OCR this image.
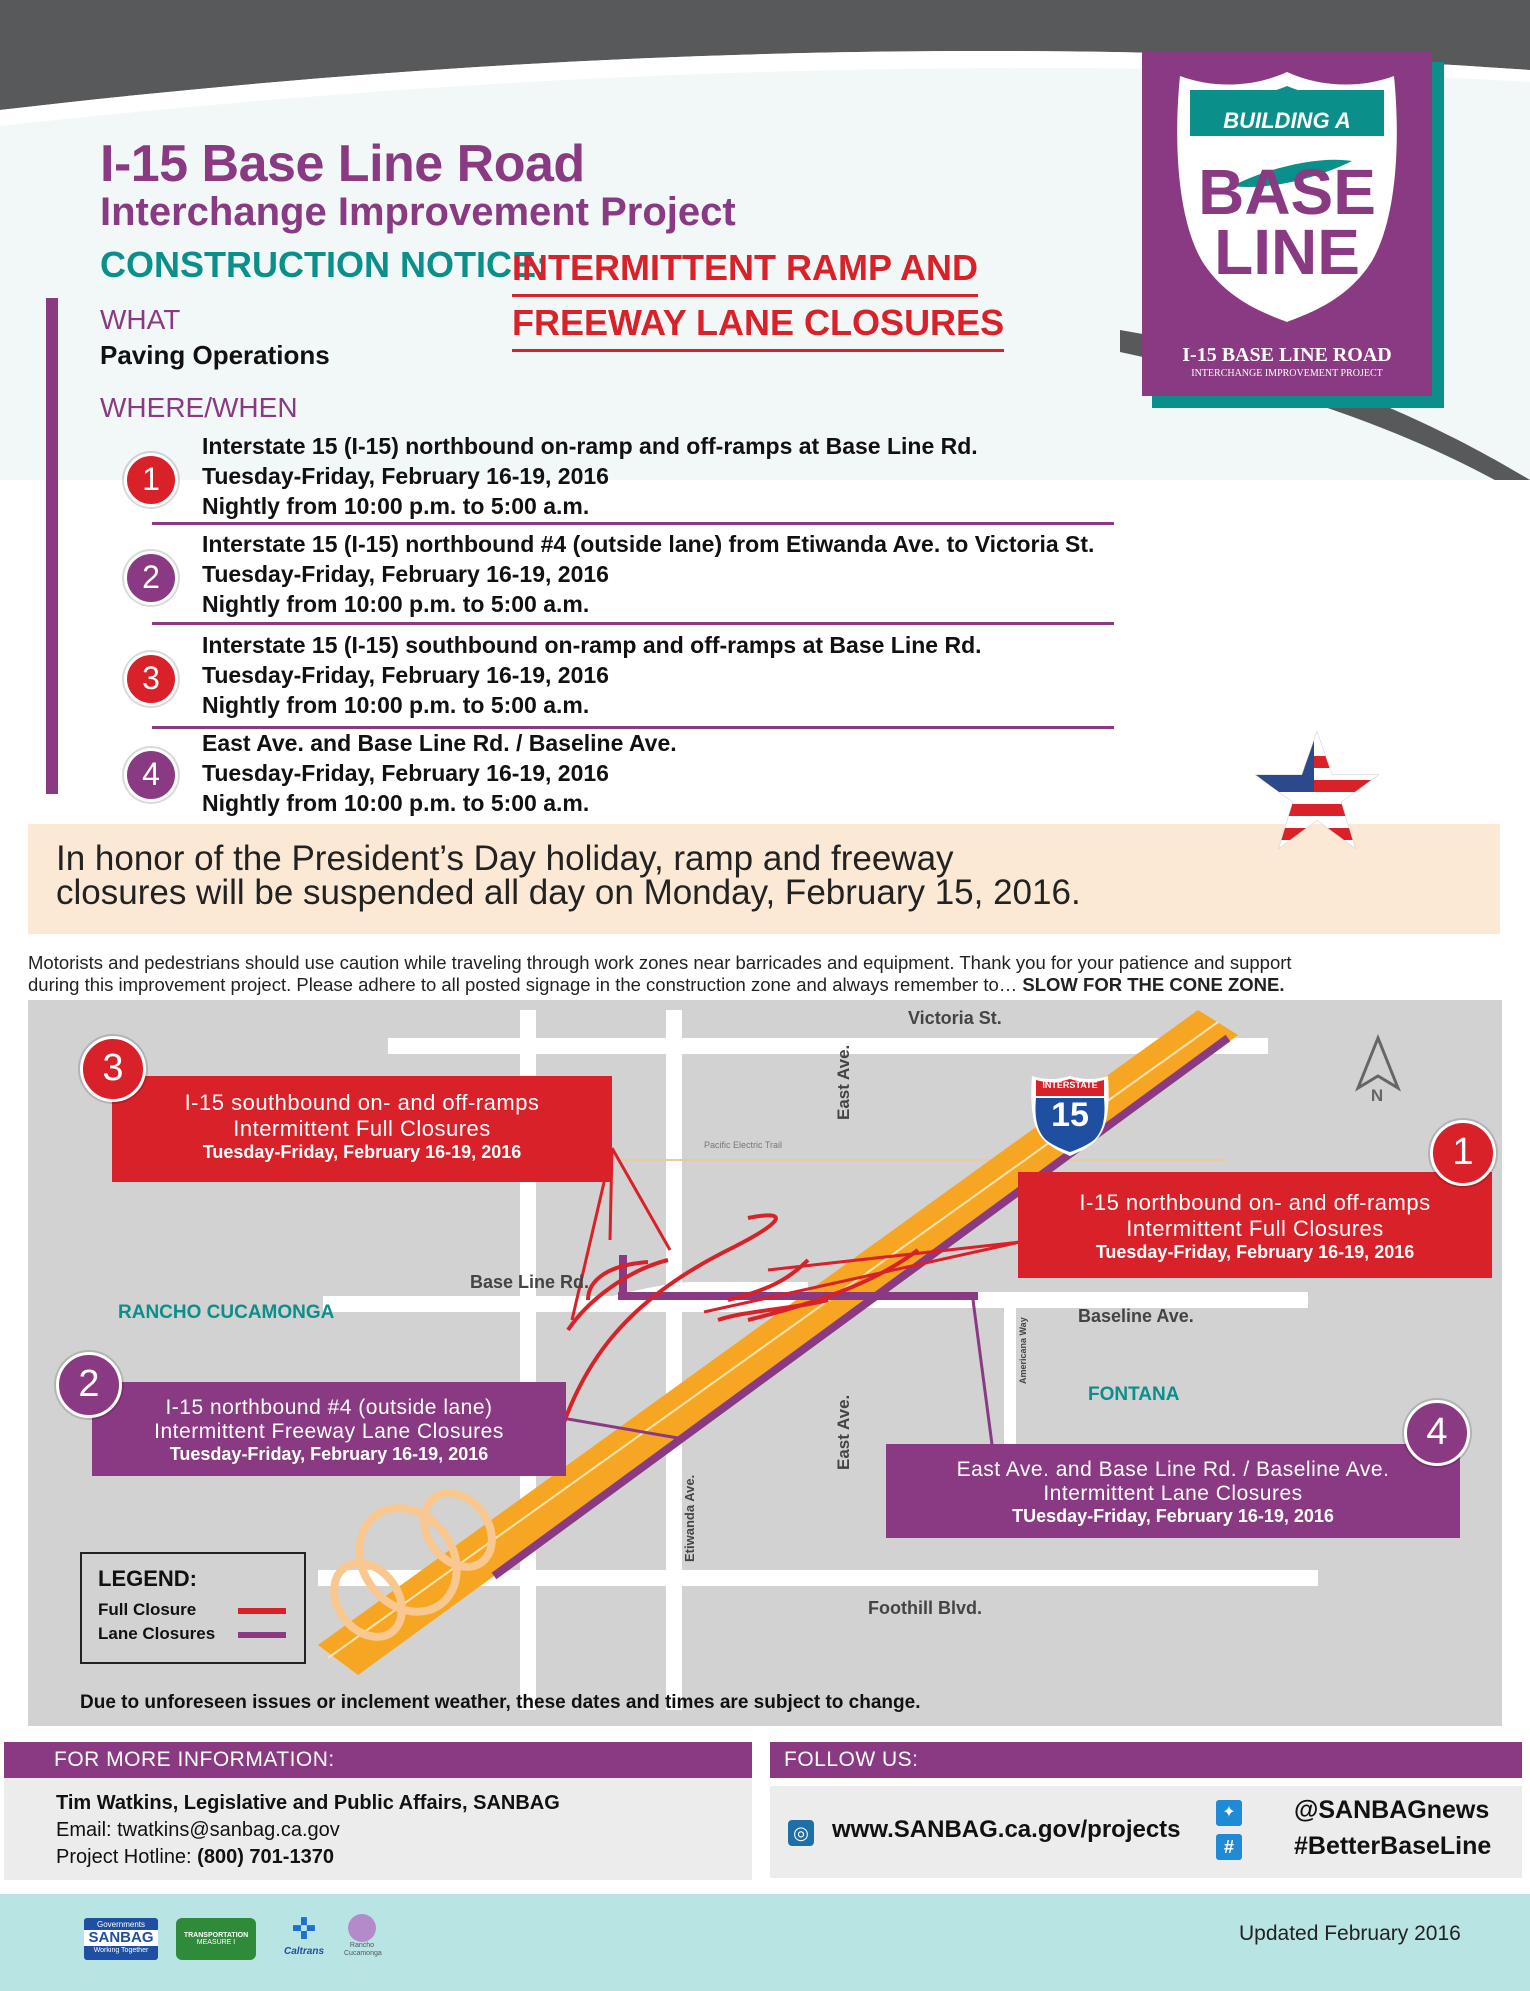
I-15 Base Line Road
Interchange Improvement Project
CONSTRUCTION NOTICE:
INTERMITTENT RAMP AND
FREEWAY LANE CLOSURES
BUILDING A BETTER
BASE
LINE
I-15 BASE LINE ROAD
INTERCHANGE IMPROVEMENT PROJECT
WHAT
Paving Operations
WHERE/WHEN
1
Interstate 15 (I-15) northbound on-ramp and off-ramps at Base Line Rd.
Tuesday-Friday, February 16-19, 2016
Nightly from 10:00 p.m. to 5:00 a.m.
2
Interstate 15 (I-15) northbound #4 (outside lane) from Etiwanda Ave. to Victoria St.
Tuesday-Friday, February 16-19, 2016
Nightly from 10:00 p.m. to 5:00 a.m.
3
Interstate 15 (I-15) southbound on-ramp and off-ramps at Base Line Rd.
Tuesday-Friday, February 16-19, 2016
Nightly from 10:00 p.m. to 5:00 a.m.
4
East Ave. and Base Line Rd. / Baseline Ave.
Tuesday-Friday, February 16-19, 2016
Nightly from 10:00 p.m. to 5:00 a.m.
In honor of the President’s Day holiday, ramp and freeway
closures will be suspended all day on Monday, February 15, 2016.
Motorists and pedestrians should use caution while traveling through work zones near barricades and equipment. Thank you for your patience and support
during this improvement project. Please adhere to all posted signage in the construction zone and always remember to… SLOW FOR THE CONE ZONE.
Victoria St.
Base Line Rd.
Baseline Ave.
Foothill Blvd.
East Ave.
East Ave.
Etiwanda Ave.
Americana Way
Pacific Electric Trail
RANCHO CUCAMONGA
FONTANA
INTERSTATE
15
N
I-15 southbound on- and off-ramps
Intermittent Full Closures
Tuesday-Friday, February 16-19, 2016
3
I-15 northbound on- and off-ramps
Intermittent Full Closures
Tuesday-Friday, February 16-19, 2016
1
I-15 northbound #4 (outside lane)
Intermittent Freeway Lane Closures
Tuesday-Friday, February 16-19, 2016
2
East Ave. and Base Line Rd. / Baseline Ave.
Intermittent Lane Closures
TUesday-Friday, February 16-19, 2016
4
LEGEND:
Full Closure
Lane Closures
Due to unforeseen issues or inclement weather, these dates and times are subject to change.
FOR MORE INFORMATION:
Tim Watkins, Legislative and Public Affairs, SANBAG
Email: twatkins@sanbag.ca.gov
Project Hotline: (800) 701-1370
FOLLOW US:
◎ www.SANBAG.ca.gov/projects
✦
#
@SANBAGnews
#BetterBaseLine
Governments
SANBAG
Working Together
TRANSPORTATION
MEASURE I	✜
Caltrans
Rancho
Cucamonga
Updated February 2016
